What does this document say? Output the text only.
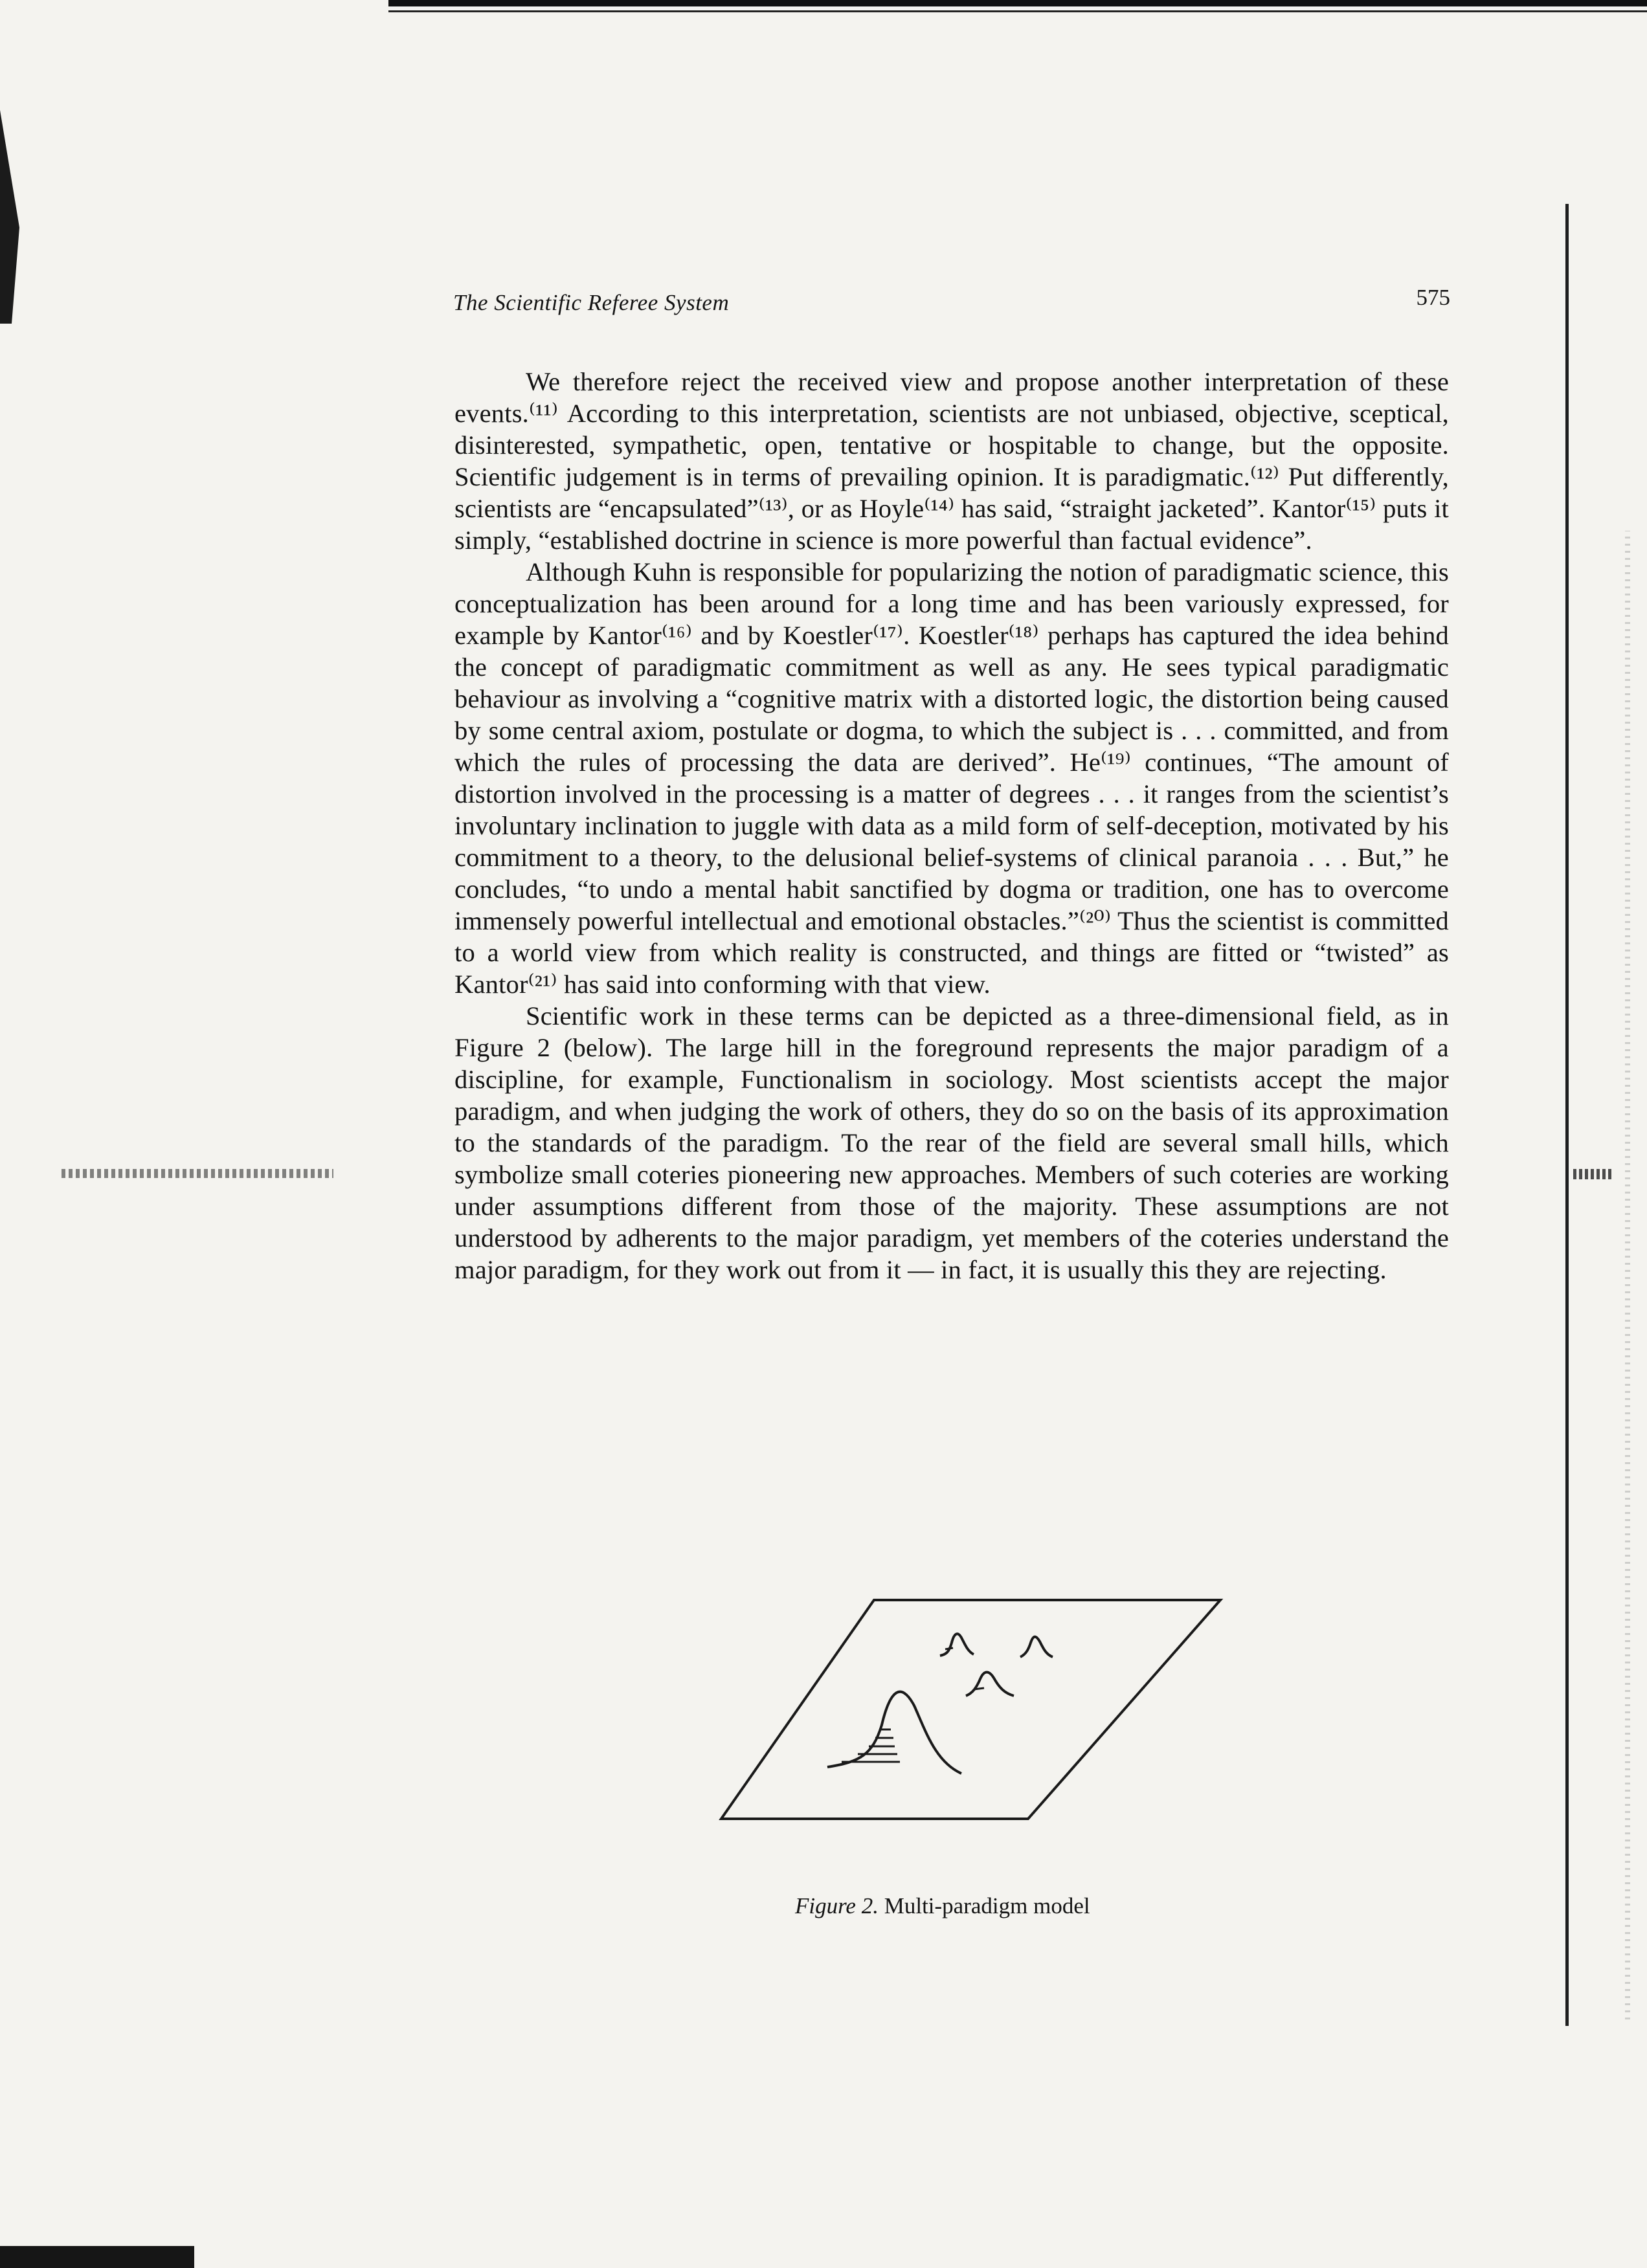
The Scientific Referee System	575

We therefore reject the received view and propose another interpretation of these events.⁽¹¹⁾ According to this interpretation, scientists are not unbiased, objective, sceptical, disinterested, sympathetic, open, tentative or hospitable to change, but the opposite. Scientific judgement is in terms of prevailing opinion. It is paradigmatic.⁽¹²⁾ Put differently, scientists are “encapsulated”⁽¹³⁾, or as Hoyle⁽¹⁴⁾ has said, “straight jacketed”. Kantor⁽¹⁵⁾ puts it simply, “established doctrine in science is more powerful than factual evidence”.

Although Kuhn is responsible for popularizing the notion of paradigmatic science, this conceptualization has been around for a long time and has been variously expressed, for example by Kantor⁽¹⁶⁾ and by Koestler⁽¹⁷⁾. Koestler⁽¹⁸⁾ perhaps has captured the idea behind the concept of paradigmatic commitment as well as any. He sees typical paradigmatic behaviour as involving a “cognitive matrix with a distorted logic, the distortion being caused by some central axiom, postulate or dogma, to which the subject is . . . committed, and from which the rules of processing the data are derived”. He⁽¹⁹⁾ continues, “The amount of distortion involved in the processing is a matter of degrees . . . it ranges from the scientist’s involuntary inclination to juggle with data as a mild form of self-deception, motivated by his commitment to a theory, to the delusional belief-systems of clinical paranoia . . . But,” he concludes, “to undo a mental habit sanctified by dogma or tradition, one has to overcome immensely powerful intellectual and emotional obstacles.”⁽²⁰⁾ Thus the scientist is committed to a world view from which reality is constructed, and things are fitted or “twisted” as Kantor⁽²¹⁾ has said into conforming with that view.

Scientific work in these terms can be depicted as a three-dimensional field, as in Figure 2 (below). The large hill in the foreground represents the major paradigm of a discipline, for example, Functionalism in sociology. Most scientists accept the major paradigm, and when judging the work of others, they do so on the basis of its approximation to the standards of the paradigm. To the rear of the field are several small hills, which symbolize small coteries pioneering new approaches. Members of such coteries are working under assumptions different from those of the majority. These assumptions are not understood by adherents to the major paradigm, yet members of the coteries understand the major paradigm, for they work out from it — in fact, it is usually this they are rejecting.

Figure 2. Multi-paradigm model
